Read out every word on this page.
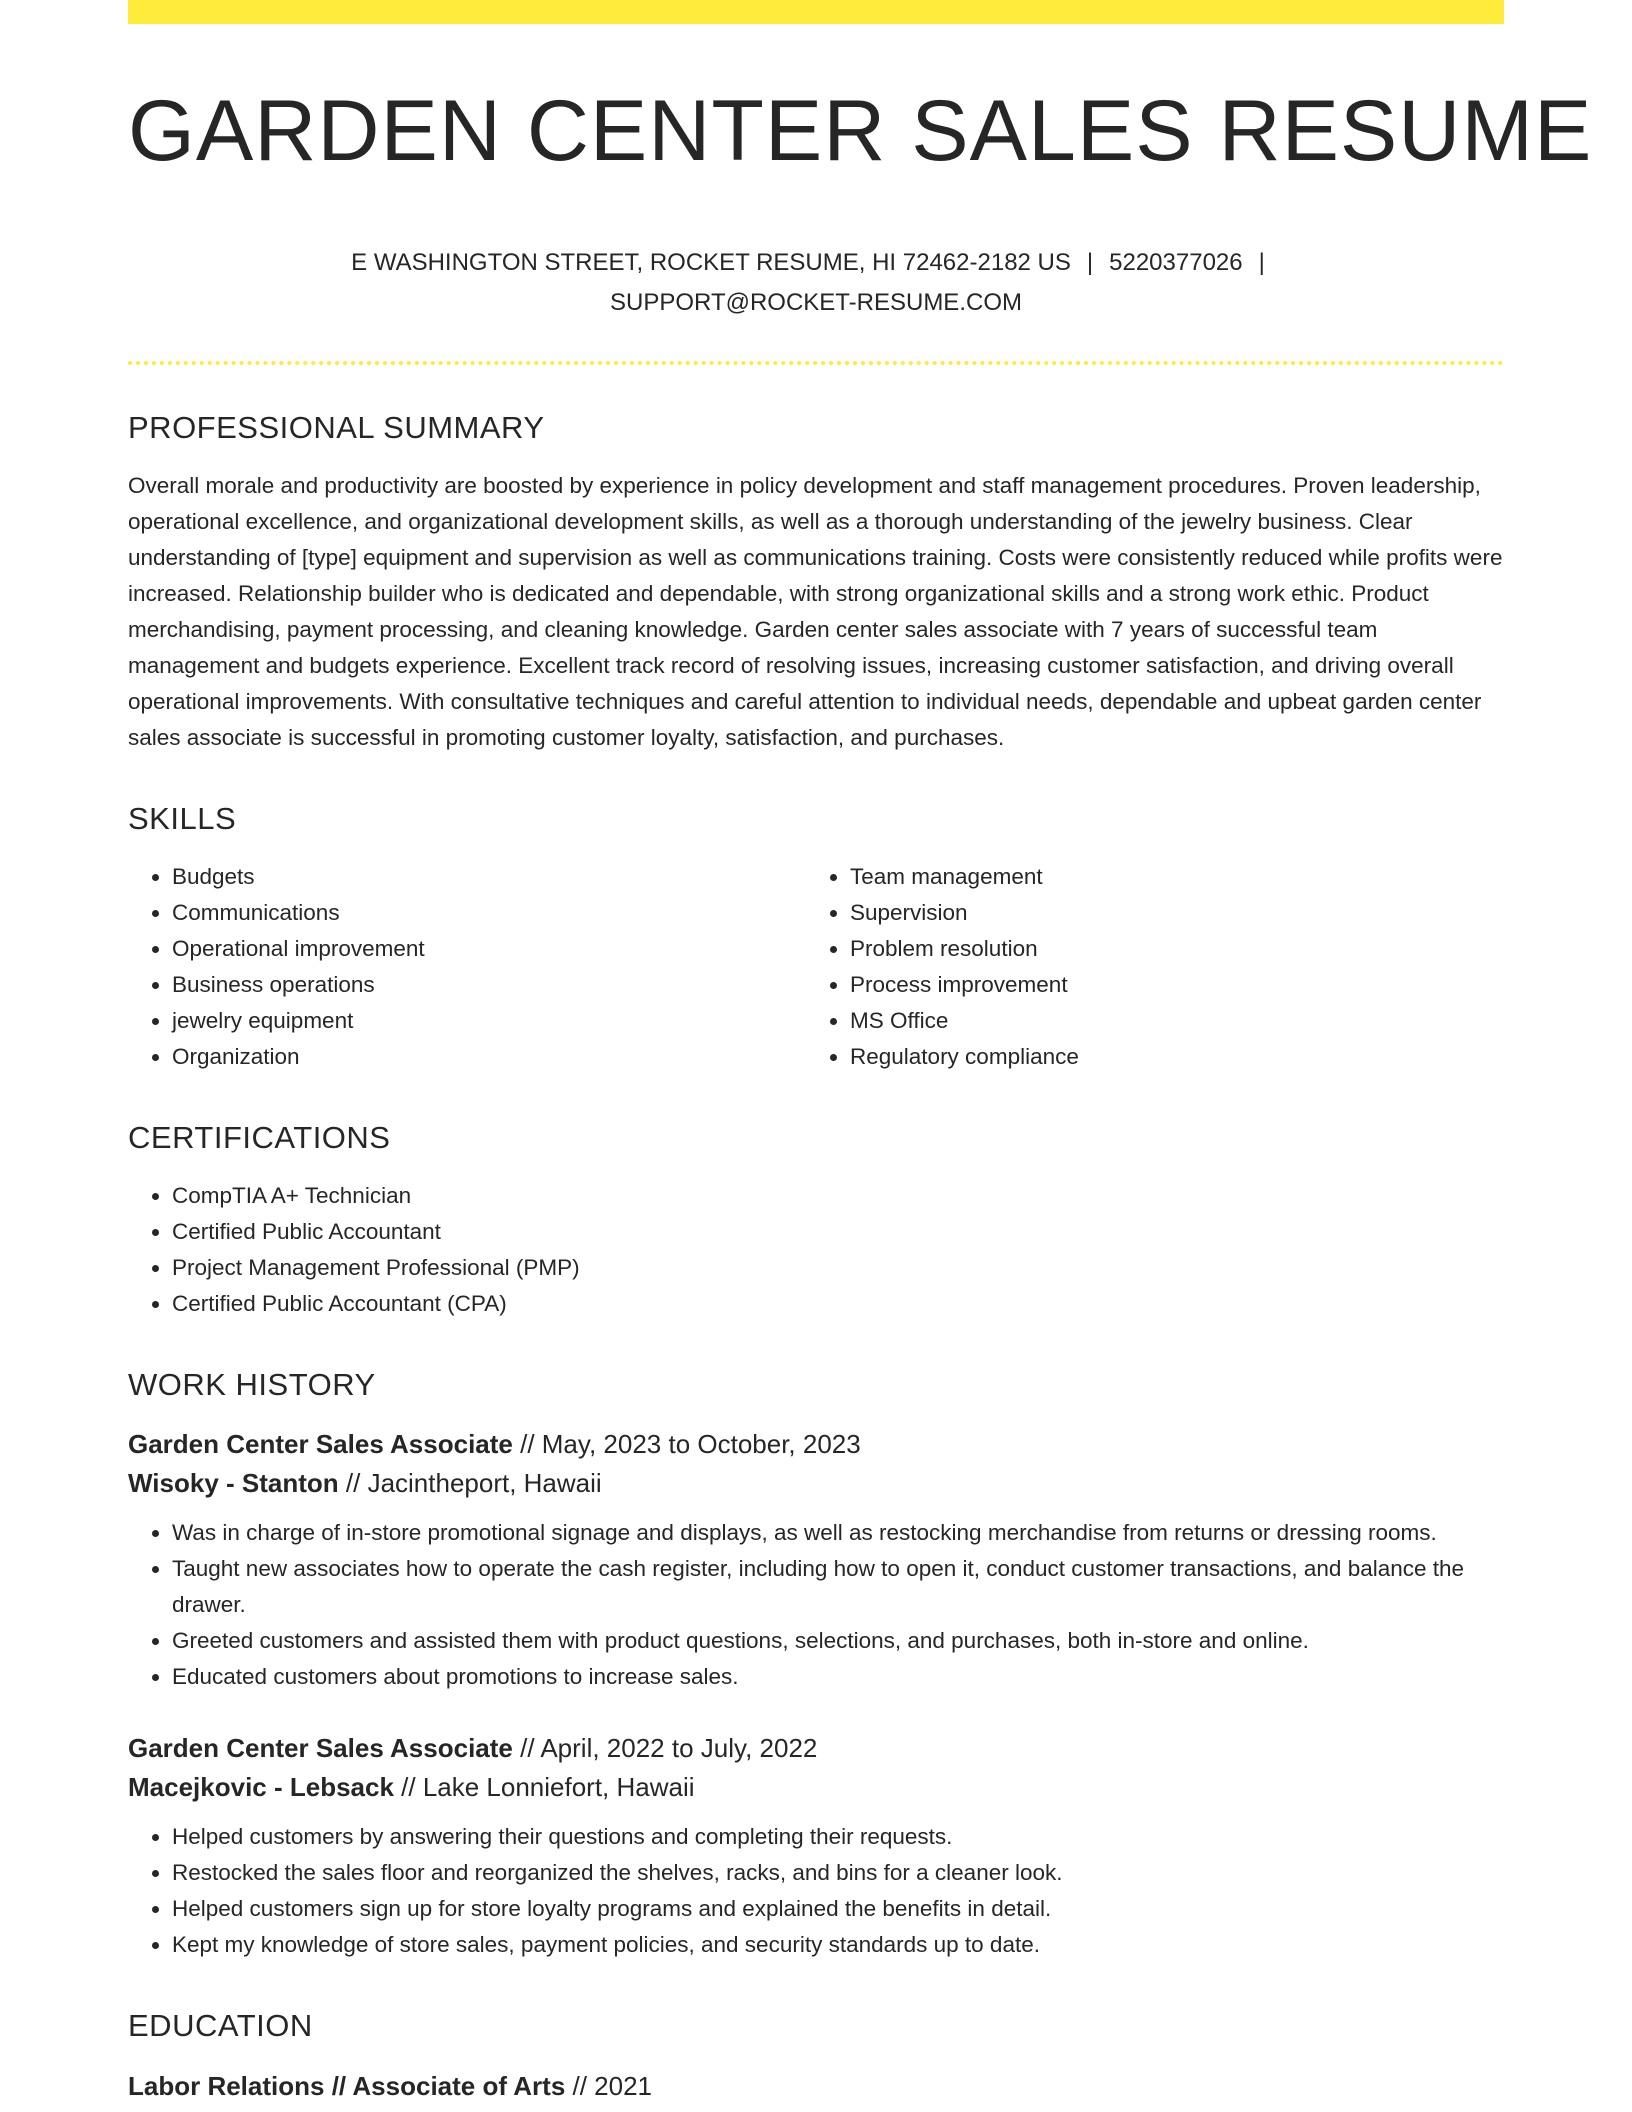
GARDEN CENTER SALES RESUME
E WASHINGTON STREET, ROCKET RESUME, HI 72462-2182 US | 5220377026 |
SUPPORT@ROCKET-RESUME.COM
PROFESSIONAL SUMMARY

Overall morale and productivity are boosted by experience in policy development and staff management procedures. Proven leadership, operational excellence, and organizational development skills, as well as a thorough understanding of the jewelry business. Clear understanding of [type] equipment and supervision as well as communications training. Costs were consistently reduced while profits were increased. Relationship builder who is dedicated and dependable, with strong organizational skills and a strong work ethic. Product merchandising, payment processing, and cleaning knowledge. Garden center sales associate with 7 years of successful team management and budgets experience. Excellent track record of resolving issues, increasing customer satisfaction, and driving overall operational improvements. With consultative techniques and careful attention to individual needs, dependable and upbeat garden center sales associate is successful in promoting customer loyalty, satisfaction, and purchases.

SKILLS
• Budgets
• Communications
• Operational improvement
• Business operations
• jewelry equipment
• Organization
• Team management
• Supervision
• Problem resolution
• Process improvement
• MS Office
• Regulatory compliance
CERTIFICATIONS
• CompTIA A+ Technician
• Certified Public Accountant
• Project Management Professional (PMP)
• Certified Public Accountant (CPA)
WORK HISTORY
Garden Center Sales Associate // May, 2023 to October, 2023
Wisoky - Stanton // Jacintheport, Hawaii
• Was in charge of in-store promotional signage and displays, as well as restocking merchandise from returns or dressing rooms.
• Taught new associates how to operate the cash register, including how to open it, conduct customer transactions, and balance the drawer.
• Greeted customers and assisted them with product questions, selections, and purchases, both in-store and online.
• Educated customers about promotions to increase sales.
Garden Center Sales Associate // April, 2022 to July, 2022
Macejkovic - Lebsack // Lake Lonniefort, Hawaii
• Helped customers by answering their questions and completing their requests.
• Restocked the sales floor and reorganized the shelves, racks, and bins for a cleaner look.
• Helped customers sign up for store loyalty programs and explained the benefits in detail.
• Kept my knowledge of store sales, payment policies, and security standards up to date.
EDUCATION
Labor Relations // Associate of Arts // 2021
